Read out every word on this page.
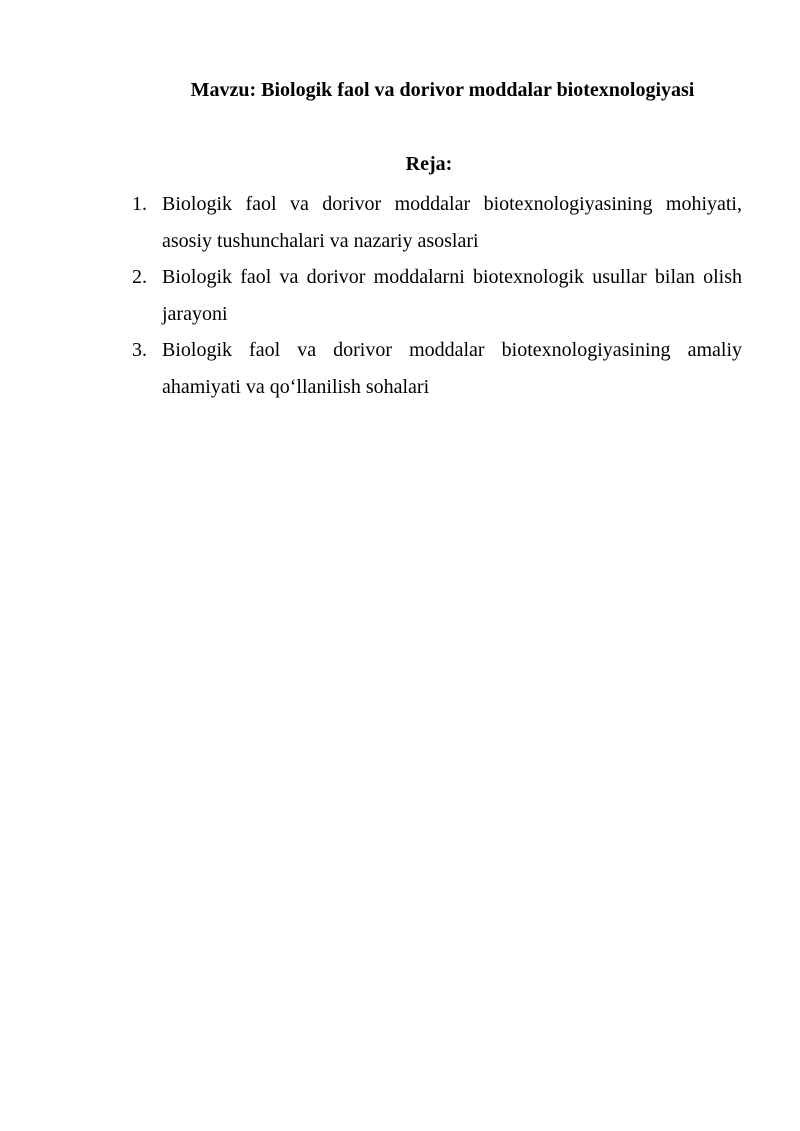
Mavzu: Biologik faol va dorivor moddalar biotexnologiyasi
Reja:
1. Biologik faol va dorivor moddalar biotexnologiyasining mohiyati, asosiy tushunchalari va nazariy asoslari
2. Biologik faol va dorivor moddalarni biotexnologik usullar bilan olish jarayoni
3. Biologik faol va dorivor moddalar biotexnologiyasining amaliy ahamiyati va qo‘llanilish sohalari
